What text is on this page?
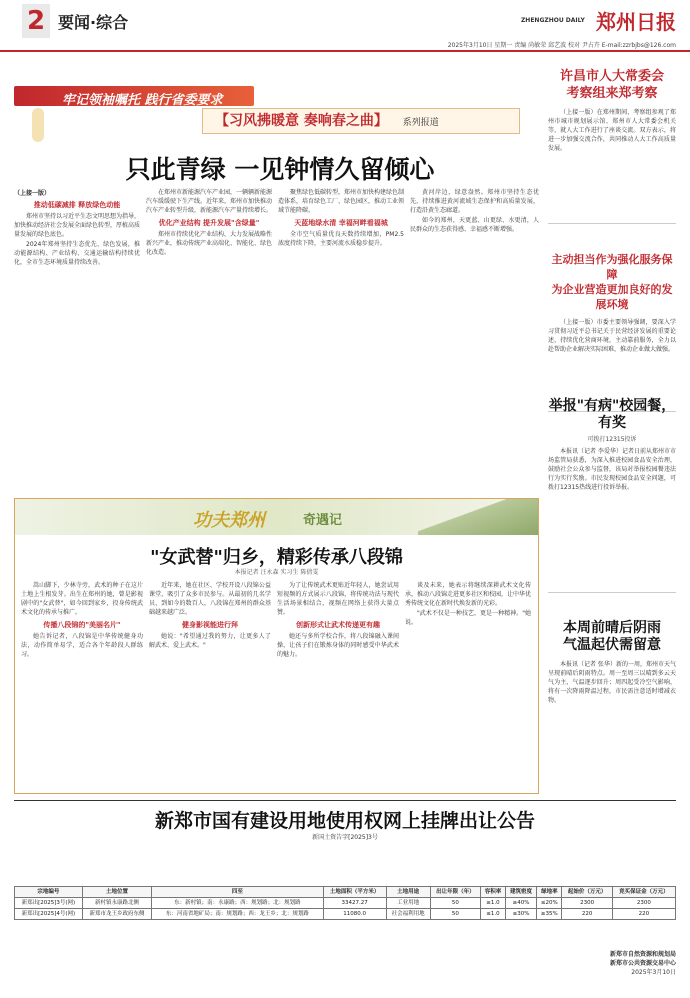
2 要闻·综合	ZHENGZHOU DAILY 郑州日报
2025年3月10日 星期一 责编 尚敏荣 邱艺波 校对 尹占卉 E-mail:zzrbjbs@126.com
牢记领袖嘱托 践行省委要求
【习风拂暖意 奏响春之曲】 系列报道
只此青绿 一见钟情久留倾心
（上接一版）
推动低碳减排 释放绿色动能

郑州市坚持以习近平生态文明思想为指导，加快推动经济社会发展全面绿色转型，厚植高质量发展的绿色底色。

2024年郑州坚持生态优先、绿色发展，推动能源结构、产业结构、交通运输结构持续优化，全市生态环境质量持续改善。

在郑州市新能源汽车产业园，一辆辆新能源汽车缓缓驶下生产线。近年来，郑州市加快推动汽车产业转型升级，新能源汽车产量持续增长。

优化产业结构 提升发展"含绿量"

郑州市持续优化产业结构，大力发展战略性新兴产业，推动传统产业高端化、智能化、绿色化改造。

聚焦绿色低碳转型，郑州市加快构建绿色制造体系，培育绿色工厂、绿色园区，推动工业领域节能降碳。

天蓝地绿水清 幸福河畔看福城

全市空气质量优良天数持续增加，PM2.5浓度持续下降，主要河流水质稳步提升。

黄河岸边，绿意盎然。郑州市坚持生态优先，持续推进黄河流域生态保护和高质量发展，打造沿黄生态廊道。

如今的郑州，天更蓝、山更绿、水更清，人民群众的生态获得感、幸福感不断增强。

许昌市人大常委会
考察组来郑考察

（上接一版）在郑州期间，考察组参观了郑州市城市规划展示馆、郑州市人大常委会机关等，就人大工作进行了座谈交流。双方表示，将进一步加强交流合作，共同推动人大工作高质量发展。

主动担当作为强化服务保障
为企业营造更加良好的发展环境

（上接一版）市委主要领导强调，要深入学习贯彻习近平总书记关于民营经济发展的重要论述，持续优化营商环境，主动靠前服务，全力以赴帮助企业解决实际困难，推动企业做大做强。

举报"有病"校园餐，有奖
可拨打12315投诉

本报讯（记者 李爱华）记者日前从郑州市市场监管局获悉，为深入推进校园食品安全治理，鼓励社会公众参与监督，该局对举报校园餐违法行为实行奖励。市民发现校园食品安全问题，可拨打12315热线进行投诉举报。

本周前晴后阴雨
气温起伏需留意

本报讯（记者 张华）新的一周，郑州市天气呈现前晴后阴雨特点。周一至周三以晴到多云天气为主，气温逐步回升；周四起受冷空气影响，将有一次降雨降温过程，市民需注意适时增减衣物。

功夫郑州	奇遇记
"女武替"归乡，精彩传承八段锦
本报记者 汪永森 实习生 陈倩雯

嵩山脚下，少林寺旁，武术的种子在这片土地上生根发芽。出生在郑州的她，曾是影视剧中的"女武替"，如今回到家乡，投身传统武术文化的传承与推广。

传播八段锦的"美丽名片"

她告诉记者，八段锦是中华传统健身功法，动作简单易学，适合各个年龄段人群练习。

近年来，她在社区、学校开设八段锦公益课堂，吸引了众多市民参与。从最初的几名学员，到如今的数百人，八段锦在郑州的群众基础越来越广泛。

健身影视能进行拜

她说："希望通过我的努力，让更多人了解武术、爱上武术。"

为了让传统武术更贴近年轻人，她尝试用短视频的方式展示八段锦，将传统功法与现代生活场景相结合，视频在网络上获得大量点赞。

创新形式让武术传递更有趣

她还与多所学校合作，将八段锦融入课间操，让孩子们在锻炼身体的同时感受中华武术的魅力。

谈及未来，她表示将继续深耕武术文化传承，推动八段锦走进更多社区和校园，让中华优秀传统文化在新时代焕发新的光彩。

"武术不仅是一种技艺，更是一种精神。"她说。

新郑市国有建设用地使用权网上挂牌出让公告
新国土资告字[2025]3号
宗地编号	土地位置	四至	土地面积（平方米）	土地用途	出让年限（年）	容积率	建筑密度	绿地率	起始价（万元）	竞买保证金（万元）
新郑出[2025]3号(网)	新村镇永康路北侧	东：新村镇；南：永康路；西：规划路；北：规划路	33427.27	工业用地	50	≥1.0	≥40%	≤20%	2300	2300
新郑出[2025]4号(网)	新郑市龙王乡政府东侧	东：河南省地矿局；南：规划路；西：龙王乡；北：规划路	11080.0	社会福利用地	50	≤1.0	≤30%	≥35%	220	220
新郑市自然资源和规划局
新郑市公共资源交易中心
2025年3月10日
